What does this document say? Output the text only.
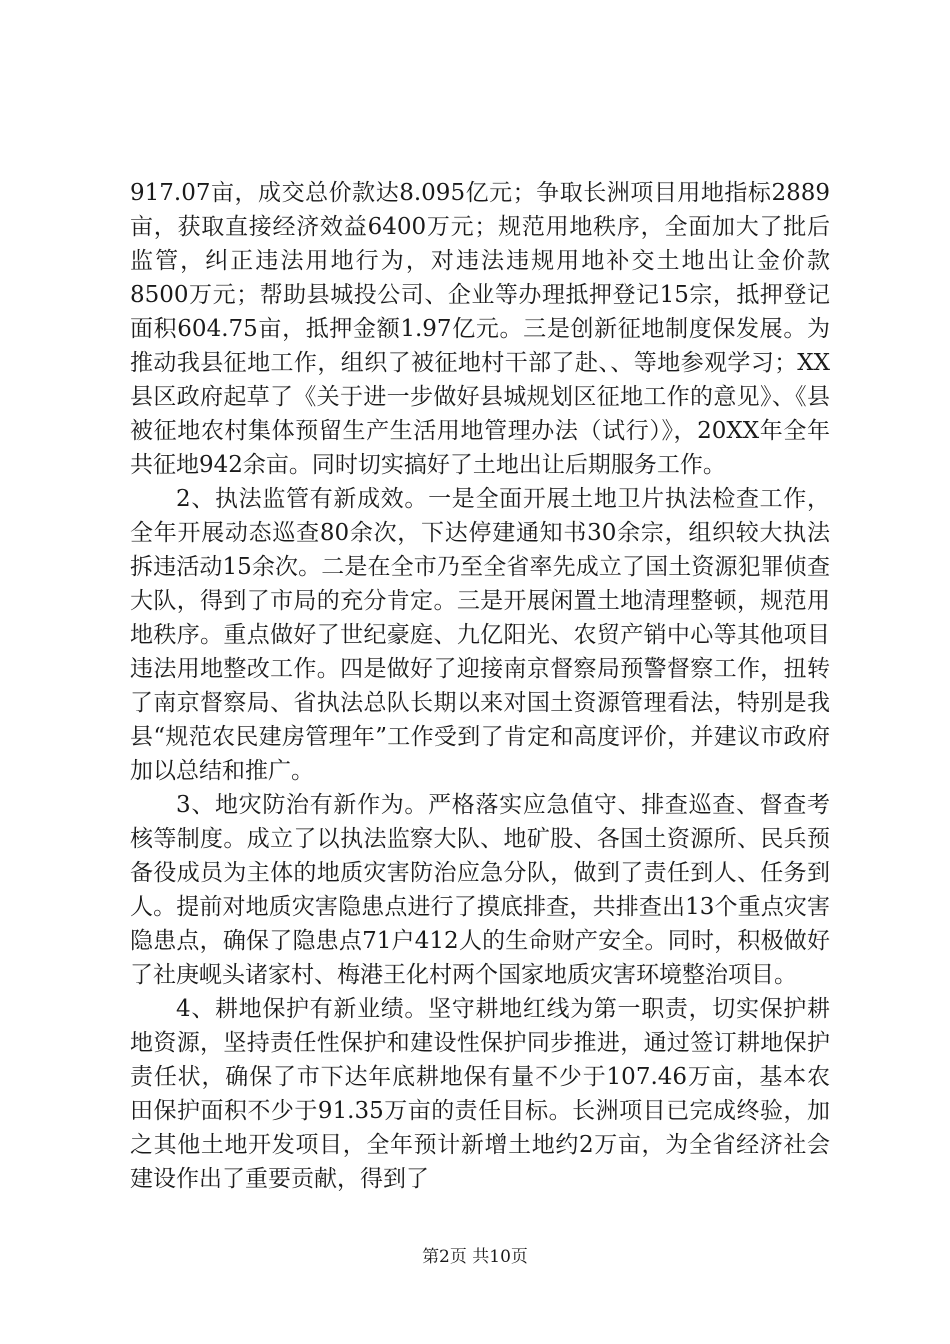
917.07亩，成交总价款达8.095亿元；争取长洲项目用地指标2889亩，获取直接经济效益6400万元；规范用地秩序，全面加大了批后监管，纠正违法用地行为，对违法违规用地补交土地出让金价款8500万元；帮助县城投公司、企业等办理抵押登记15宗，抵押登记面积604.75亩，抵押金额1.97亿元。三是创新征地制度保发展。为推动我县征地工作，组织了被征地村干部了赴、、等地参观学习；XX县区政府起草了《关于进一步做好县城规划区征地工作的意见》、《县被征地农村集体预留生产生活用地管理办法（试行）》，20XX年全年共征地942余亩。同时切实搞好了土地出让后期服务工作。

2、执法监管有新成效。一是全面开展土地卫片执法检查工作，全年开展动态巡查80余次，下达停建通知书30余宗，组织较大执法拆违活动15余次。二是在全市乃至全省率先成立了国土资源犯罪侦查大队，得到了市局的充分肯定。三是开展闲置土地清理整顿，规范用地秩序。重点做好了世纪豪庭、九亿阳光、农贸产销中心等其他项目违法用地整改工作。四是做好了迎接南京督察局预警督察工作，扭转了南京督察局、省执法总队长期以来对国土资源管理看法，特别是我县“规范农民建房管理年”工作受到了肯定和高度评价，并建议市政府加以总结和推广。

3、地灾防治有新作为。严格落实应急值守、排查巡查、督查考核等制度。成立了以执法监察大队、地矿股、各国土资源所、民兵预备役成员为主体的地质灾害防治应急分队，做到了责任到人、任务到人。提前对地质灾害隐患点进行了摸底排查，共排查出13个重点灾害隐患点，确保了隐患点71户412人的生命财产安全。同时，积极做好了社庚岘头诸家村、梅港王化村两个国家地质灾害环境整治项目。

4、耕地保护有新业绩。坚守耕地红线为第一职责，切实保护耕地资源，坚持责任性保护和建设性保护同步推进，通过签订耕地保护责任状，确保了市下达年底耕地保有量不少于107.46万亩，基本农田保护面积不少于91.35万亩的责任目标。长洲项目已完成终验，加之其他土地开发项目，全年预计新增土地约2万亩，为全省经济社会建设作出了重要贡献，得到了

第2页 共10页
